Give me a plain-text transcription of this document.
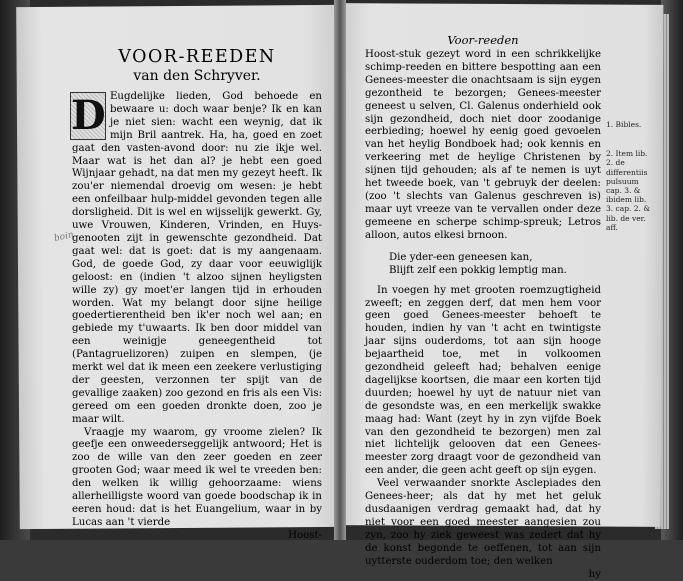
boin

VOOR-REEDEN

van den Schryver.

D Eugdelijke lieden, God behoede en bewaare u: doch waar benje? Ik en kan je niet sien: wacht een weynig, dat ik mijn Bril aantrek. Ha, ha, goed en zoet gaat den vasten-avond door: nu zie ikje wel. Maar wat is het dan al? je hebt een goed Wijnjaar gehadt, na dat men my gezeyt heeft. Ik zou'er niemendal droevig om wesen: je hebt een onfeilbaar hulp-middel gevonden tegen alle dorsligheid. Dit is wel en wijsselijk gewerkt. Gy, uwe Vrouwen, Kinderen, Vrinden, en Huys-genooten zijt in gewenschte gezondheid. Dat gaat wel: dat is goet: dat is my aangenaam. God, de goede God, zy daar voor eeuwiglijk geloost: en (indien 't alzoo sijnen heyligsten wille zy) gy moet'er langen tijd in erhouden worden. Wat my belangt door sijne heilige goedertierentheid ben ik'er noch wel aan; en gebiede my t'uwaarts. Ik ben door middel van een weinigje geneegentheid tot (Pantagruelizoren) zuipen en slempen, (je merkt wel dat ik meen een zeekere verlustiging der geesten, verzonnen ter spijt van de gevallige zaaken) zoo gezond en fris als een Vis: gereed om een goeden dronkte doen, zoo je maar wilt.

Vraagje my waarom, gy vroome zielen? Ik geefje een onweederseggelijk antwoord; Het is zoo de wille van den zeer goeden en zeer grooten God; waar meed ik wel te vreeden ben: den welken ik willig gehoorzaame: wiens allerheilligste woord van goede boodschap ik in eeren houd: dat is het Euangelium, waar in by Lucas aan 't vierde

Hoost-

Voor-reeden

Hoost-stuk gezeyt word in een schrikkelijke schimp-reeden en bittere bespotting aan een Genees-meester die onachtsaam is sijn eygen gezontheid te bezorgen; Genees-meester geneest u selven, Cl. Galenus onderhield ook sijn gezondheid, doch niet door zoodanige eerbieding; hoewel hy eenig goed gevoelen van het heylig Bondboek had; ook kennis en verkeering met de heylige Christenen by sijnen tijd gehouden; als af te nemen is uyt het tweede boek, van 't gebruyk der deelen: (zoo 't slechts van Galenus geschreven is) maar uyt vreeze van te vervallen onder deze gemeene en scherpe schimp-spreuk; Letros alloon, autos elkesi brnoon.

Die yder-een geneesen kan,

Blijft zelf een pokkig lemptig man.

In voegen hy met grooten roemzugtigheid zweeft; en zeggen derf, dat men hem voor geen goed Genees-meester behoeft te houden, indien hy van 't acht en twintigste jaar sijns ouderdoms, tot aan sijn hooge bejaartheid toe, met in volkoomen gezondheid geleeft had; behalven eenige dagelijkse koortsen, die maar een korten tijd duurden; hoewel hy uyt de natuur niet van de gesondste was, en een merkelijk swakke maag had: Want (zeyt hy in zyn vijfde Boek van den gezondheid te bezorgen) men zal niet lichtelijk gelooven dat een Genees-meester zorg draagt voor de gezondheid van een ander, die geen acht geeft op sijn eygen.

Veel verwaander snorkte Asclepiades den Genees-heer; als dat hy met het geluk dusdaanigen verdrag gemaakt had, dat hy niet voor een goed meester aangesien zou zyn, zoo hy ziek geweest was zedert dat hy de konst begonde te oeffenen, tot aan sijn uytterste ouderdom toe; den welken

hy

1. Bibles.

2. Item lib. 2. de differentiis pulsuum cap. 3. & ibidem lib. 3. cap. 2. & lib. de ver. aff.
